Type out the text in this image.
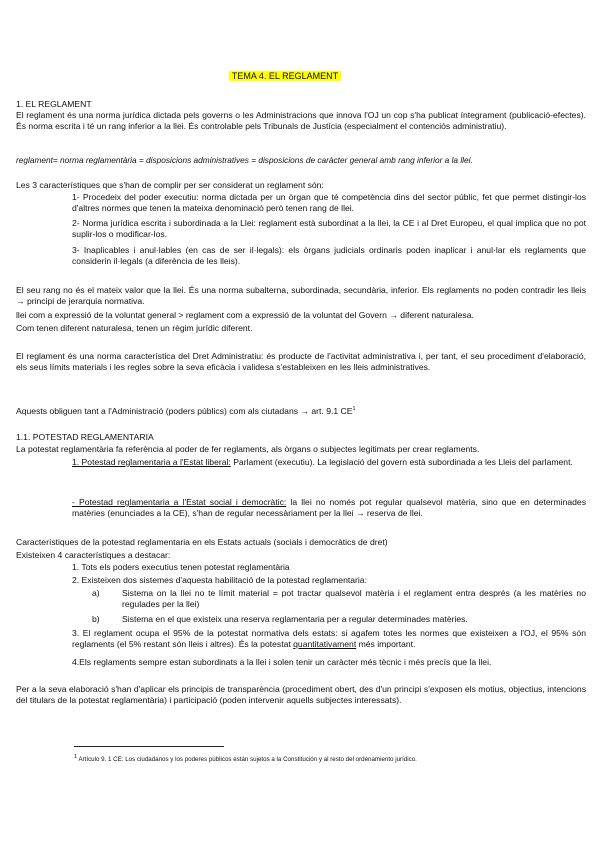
TEMA 4. EL REGLAMENT

1. EL REGLAMENT

El reglament és una norma jurídica dictada pels governs o les Administracions que innova l'OJ un cop s'ha publicat íntegrament (publicació-efectes). És norma escrita i té un rang inferior a la llei. És controlable pels Tribunals de Justícia (especialment el contenciós administratiu).

reglament= norma reglamentària = disposicions administratives = disposicions de caràcter general amb rang inferior a la llei.

Les 3 característiques que s'han de complir per ser considerat un reglament són:

1- Procedeix del poder executiu: norma dictada per un òrgan que té competència dins del sector públic, fet que permet distingir-los d'altres normes que tenen la mateixa denominació però tenen rang de llei.

2- Norma jurídica escrita i subordinada a la Llei: reglament està subordinat a la llei, la CE i al Dret Europeu, el qual implica que no pot suplir-los o modificar-los.

3- Inaplicables i anul·lables (en cas de ser il·legals): els òrgans judicials ordinaris poden inaplicar i anul·lar els reglaments que considerin il·legals (a diferència de les lleis).

El seu rang no és el mateix valor que la llei. És una norma subalterna, subordinada, secundària, inferior. Els reglaments no poden contradir les lleis → principi de jerarquia normativa.

llei com a expressió de la voluntat general > reglament com a expressió de la voluntat del Govern → diferent naturalesa.

Com tenen diferent naturalesa, tenen un règim jurídic diferent.

El reglament és una norma característica del Dret Administratiu: és producte de l'activitat administrativa i, per tant, el seu procediment d'elaboració, els seus límits materials i les regles sobre la seva eficàcia i validesa s'estableixen en les lleis administratives.

Aquests obliguen tant a l'Administració (poders públics) com als ciutadans → art. 9.1 $CE^1$

1.1. POTESTAD REGLAMENTARIA

La potestat reglamentària fa referència al poder de fer reglaments, als òrgans o subjectes legitimats per crear reglaments.

1. Potestad reglamentaria a l'Estat liberal: Parlament (executiu). La legislació del govern està subordinada a les Lleis del parlament.

- Potestad reglamentaria a l'Estat social i democràtic: la llei no només pot regular qualsevol matèria, sino que en determinades matèries (enunciades a la CE), s'han de regular necessàriament per la llei → reserva de llei.

Característiques de la potestad reglamentaria en els Estats actuals (socials i democràtics de dret)

Existeixen 4 característiques a destacar:

1. Tots els poders executius tenen potestat reglamentària

2. Existeixen dos sistemes d'aquesta habilitació de la potestad reglamentaria:

a)	Sistema on la llei no te límit material = pot tractar qualsevol matèria i el reglament entra després (a les matèries no regulades per la llei)

b)	Sistema en el que existeix una reserva reglamentaria per a regular determinades matèries.

3. El reglament ocupa el 95% de la potestat normativa dels estats: si agafem totes les normes que existeixen a l'OJ, el 95% són reglaments (el 5% restant són lleis i altres). És la potestat quantitativament més important.

4.Els reglaments sempre estan subordinats a la llei i solen tenir un caràcter més tècnic i més precís que la llei.

Per a la seva elaboració s'han d'aplicar els principis de transparència (procediment obert, des d'un principi s'exposen els motius, objectius, intencions del titulars de la potestat reglamentària) i participació (poden intervenir aquells subjectes interessats).

1 Artículo 9. 1 CE: Los ciudadanos y los poderes públicos están sujetos a la Constitución y al resto del ordenamiento jurídico.
